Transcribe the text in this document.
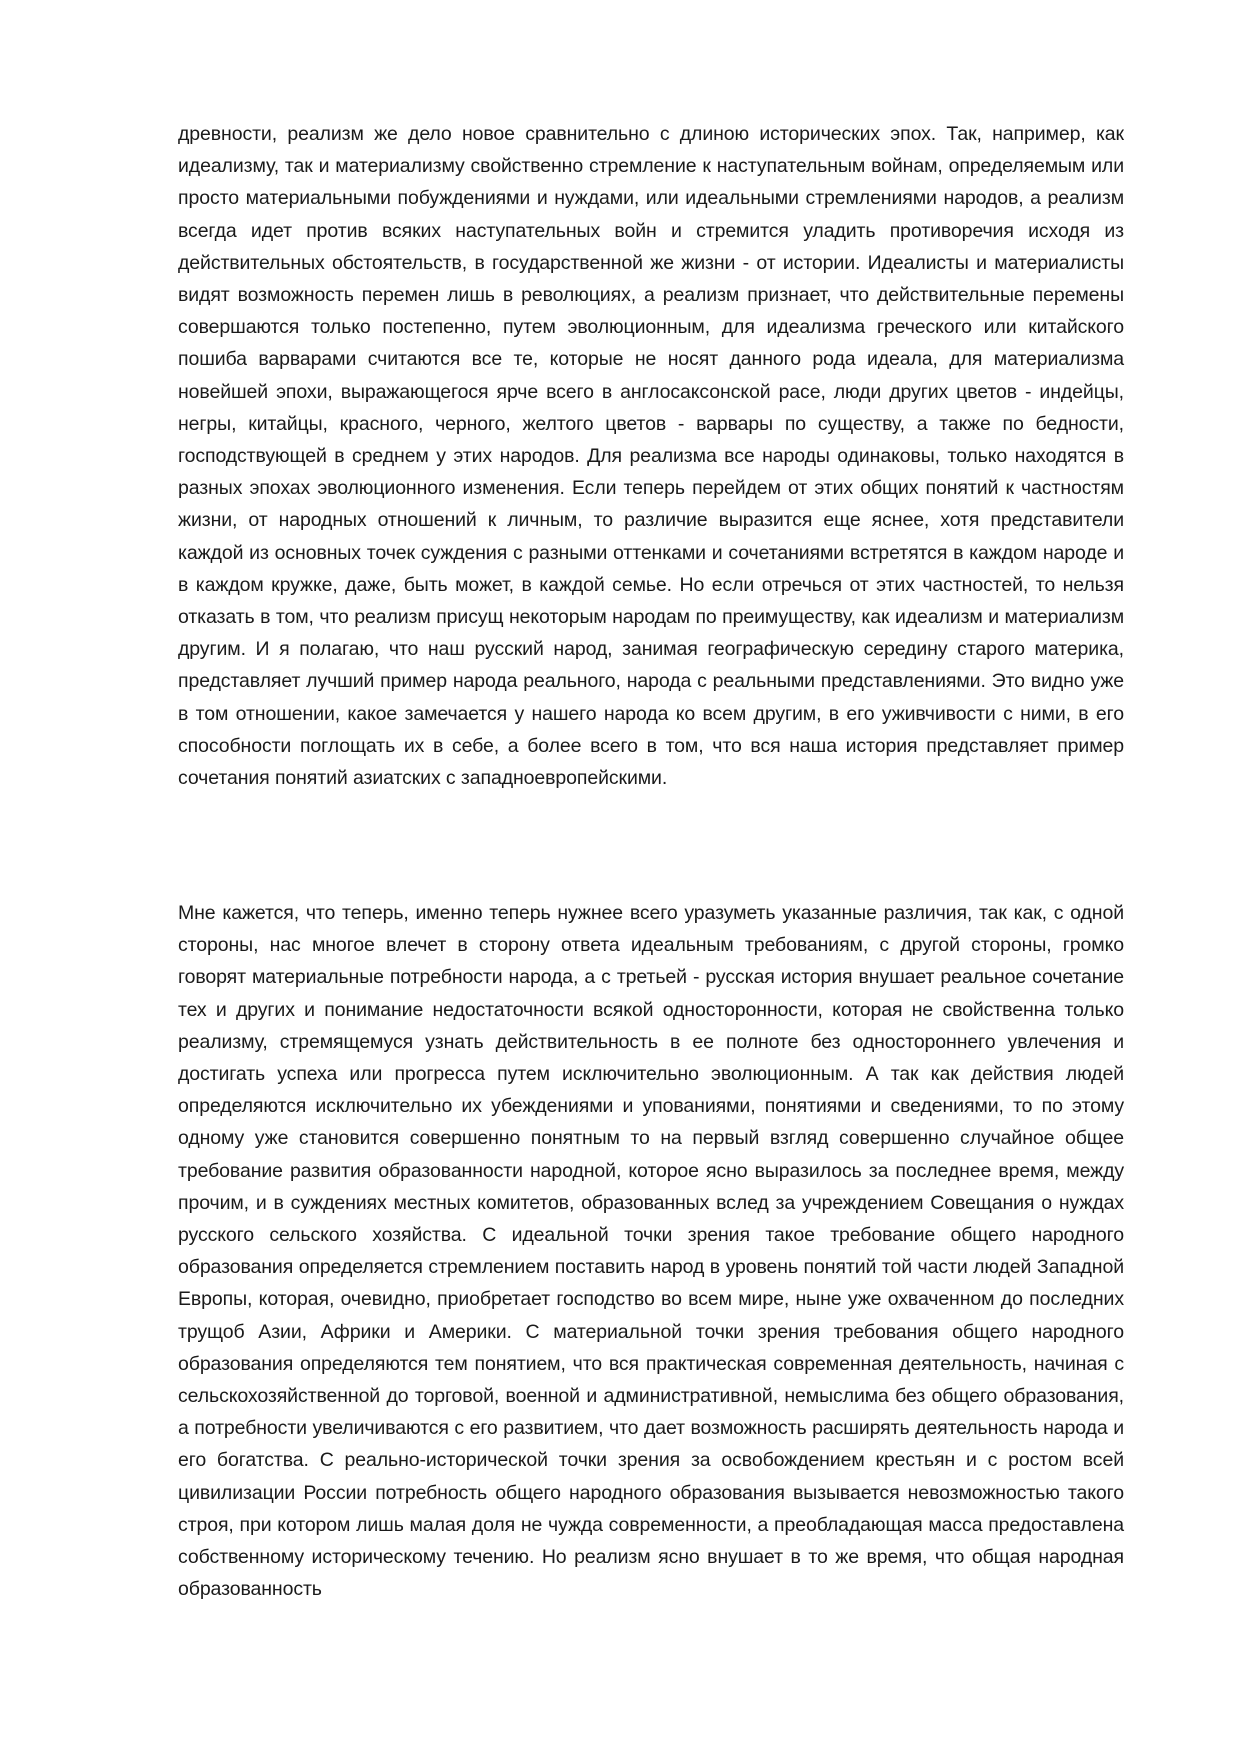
древности, реализм же дело новое сравнительно с длиною исторических эпох. Так, например, как идеализму, так и материализму свойственно стремление к наступательным войнам, определяемым или просто материальными побуждениями и нуждами, или идеальными стремлениями народов, а реализм всегда идет против всяких наступательных войн и стремится уладить противоречия исходя из действительных обстоятельств, в государственной же жизни - от истории. Идеалисты и материалисты видят возможность перемен лишь в революциях, а реализм признает, что действительные перемены совершаются только постепенно, путем эволюционным, для идеализма греческого или китайского пошиба варварами считаются все те, которые не носят данного рода идеала, для материализма новейшей эпохи, выражающегося ярче всего в англосаксонской расе, люди других цветов - индейцы, негры, китайцы, красного, черного, желтого цветов - варвары по существу, а также по бедности, господствующей в среднем у этих народов. Для реализма все народы одинаковы, только находятся в разных эпохах эволюционного изменения. Если теперь перейдем от этих общих понятий к частностям жизни, от народных отношений к личным, то различие выразится еще яснее, хотя представители каждой из основных точек суждения с разными оттенками и сочетаниями встретятся в каждом народе и в каждом кружке, даже, быть может, в каждой семье. Но если отречься от этих частностей, то нельзя отказать в том, что реализм присущ некоторым народам по преимуществу, как идеализм и материализм другим. И я полагаю, что наш русский народ, занимая географическую середину старого материка, представляет лучший пример народа реального, народа с реальными представлениями. Это видно уже в том отношении, какое замечается у нашего народа ко всем другим, в его уживчивости с ними, в его способности поглощать их в себе, а более всего в том, что вся наша история представляет пример сочетания понятий азиатских с западноевропейскими.

Мне кажется, что теперь, именно теперь нужнее всего уразуметь указанные различия, так как, с одной стороны, нас многое влечет в сторону ответа идеальным требованиям, с другой стороны, громко говорят материальные потребности народа, а с третьей - русская история внушает реальное сочетание тех и других и понимание недостаточности всякой односторонности, которая не свойственна только реализму, стремящемуся узнать действительность в ее полноте без одностороннего увлечения и достигать успеха или прогресса путем исключительно эволюционным. А так как действия людей определяются исключительно их убеждениями и упованиями, понятиями и сведениями, то по этому одному уже становится совершенно понятным то на первый взгляд совершенно случайное общее требование развития образованности народной, которое ясно выразилось за последнее время, между прочим, и в суждениях местных комитетов, образованных вслед за учреждением Совещания о нуждах русского сельского хозяйства. С идеальной точки зрения такое требование общего народного образования определяется стремлением поставить народ в уровень понятий той части людей Западной Европы, которая, очевидно, приобретает господство во всем мире, ныне уже охваченном до последних трущоб Азии, Африки и Америки. С материальной точки зрения требования общего народного образования определяются тем понятием, что вся практическая современная деятельность, начиная с сельскохозяйственной до торговой, военной и административной, немыслима без общего образования, а потребности увеличиваются с его развитием, что дает возможность расширять деятельность народа и его богатства. С реально-исторической точки зрения за освобождением крестьян и с ростом всей цивилизации России потребность общего народного образования вызывается невозможностью такого строя, при котором лишь малая доля не чужда современности, а преобладающая масса предоставлена собственному историческому течению. Но реализм ясно внушает в то же время, что общая народная образованность
